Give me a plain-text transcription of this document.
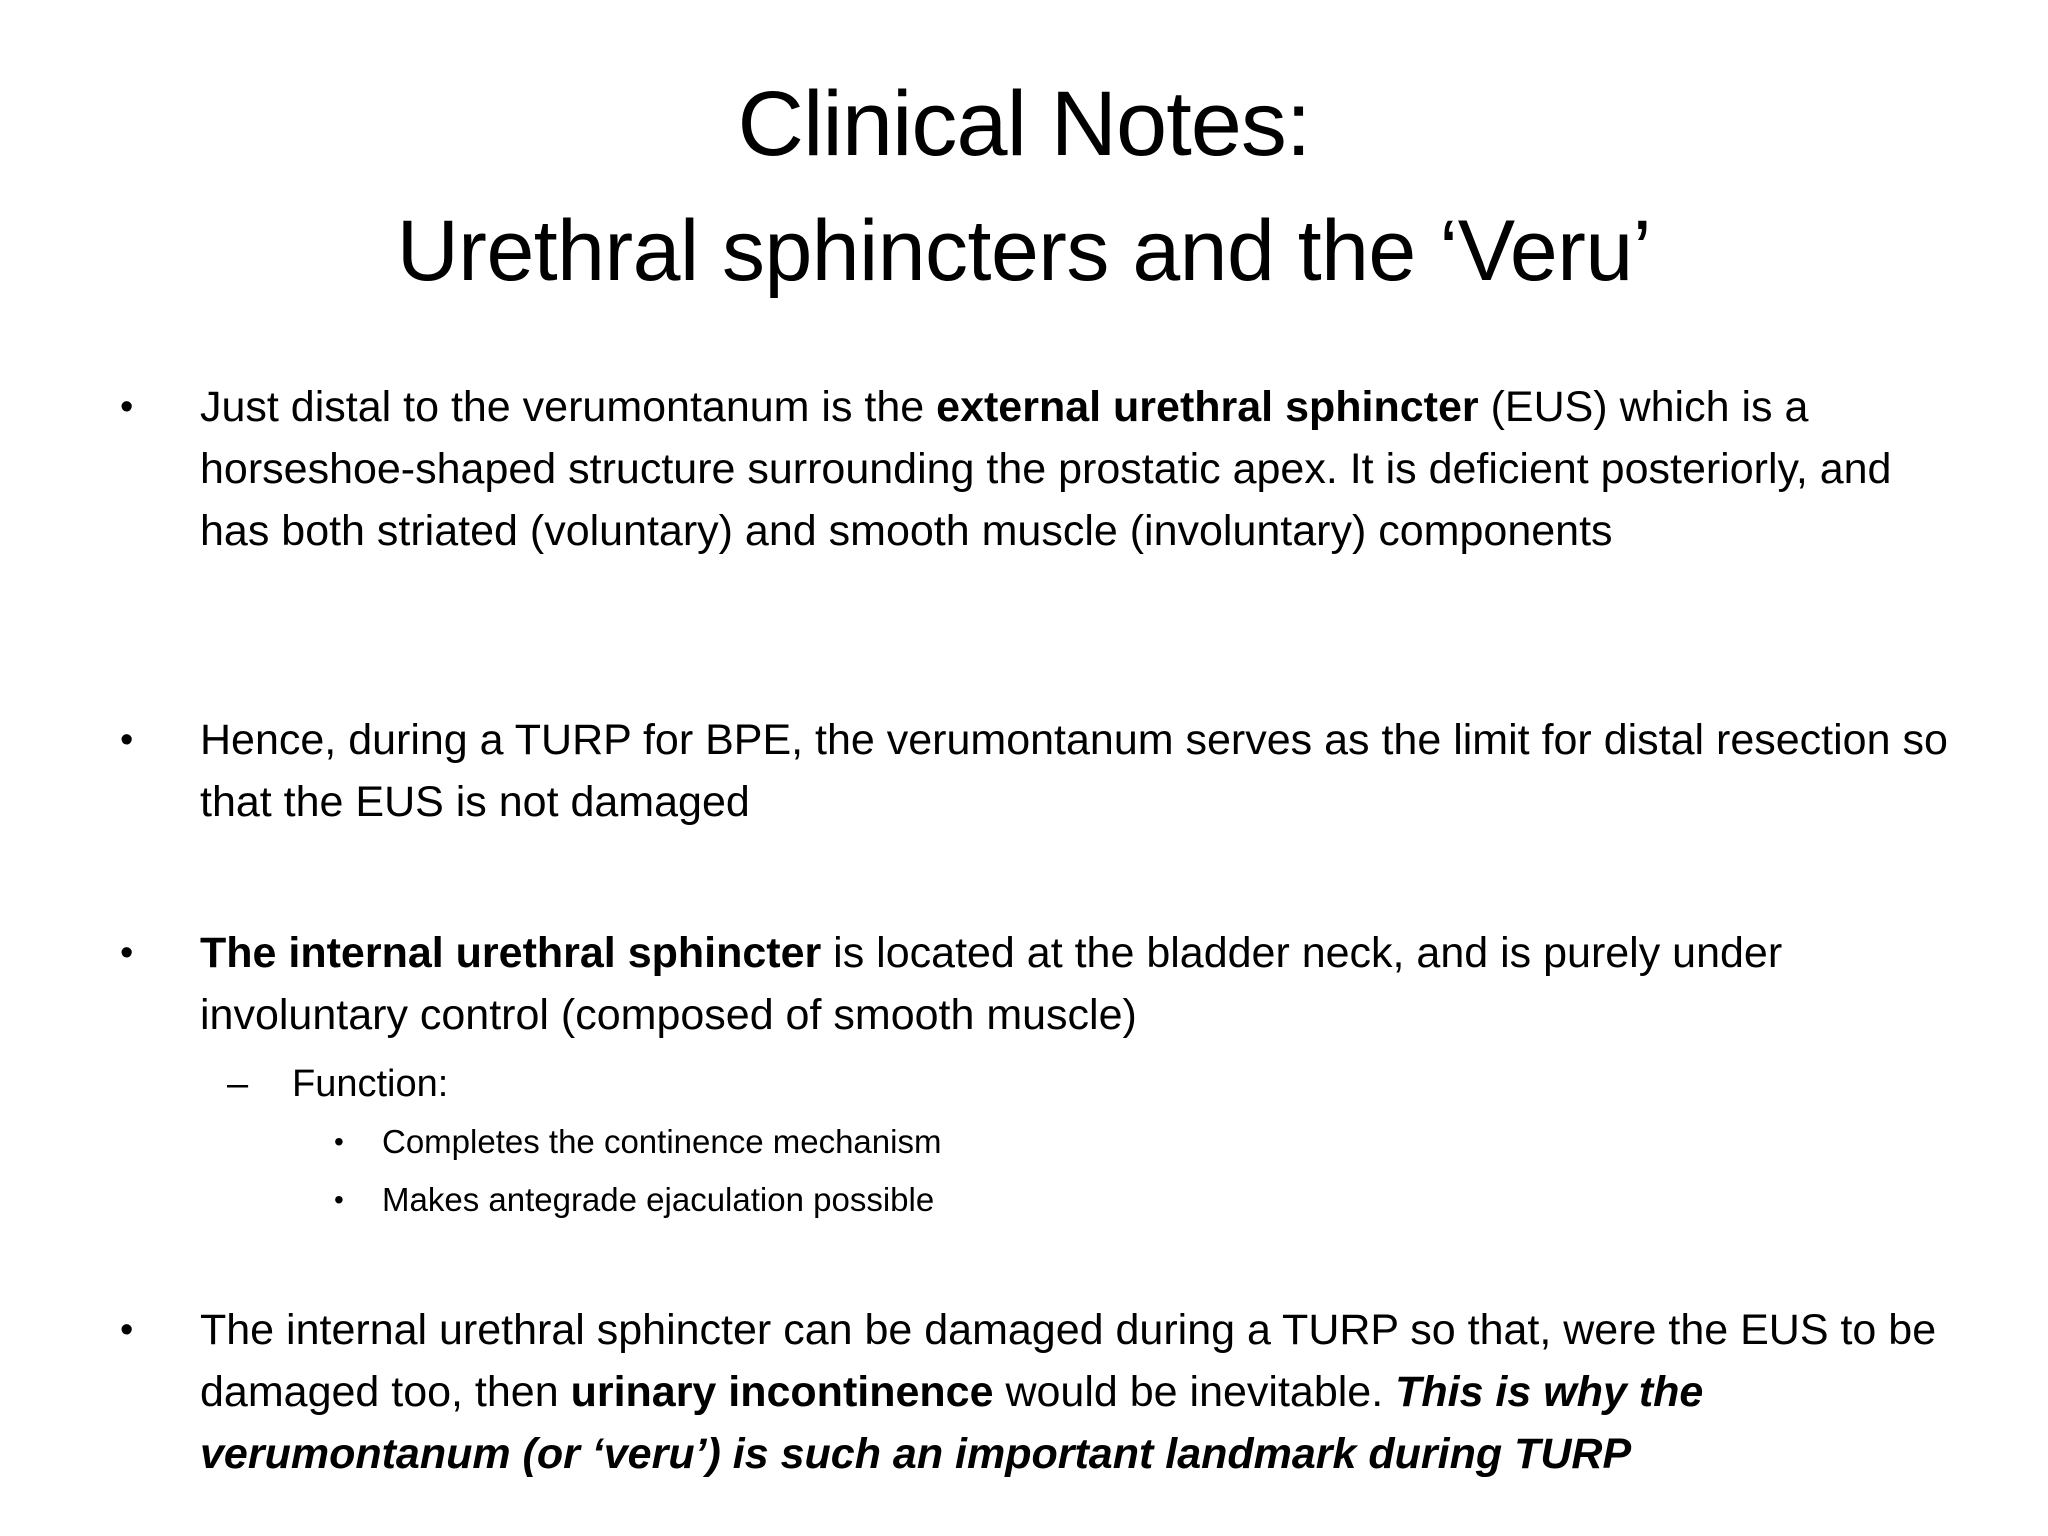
Clinical Notes:
Urethral sphincters and the ‘Veru’
• Just distal to the verumontanum is the external urethral sphincter (EUS) which is a horseshoe-shaped structure surrounding the prostatic apex. It is deficient posteriorly, and has both striated (voluntary) and smooth muscle (involuntary) components
• Hence, during a TURP for BPE, the verumontanum serves as the limit for distal resection so that the EUS is not damaged
• The internal urethral sphincter is located at the bladder neck, and is purely under involuntary control (composed of smooth muscle)
– Function:
• Completes the continence mechanism
• Makes antegrade ejaculation possible
• The internal urethral sphincter can be damaged during a TURP so that, were the EUS to be damaged too, then urinary incontinence would be inevitable. This is why the verumontanum (or ‘veru’) is such an important landmark during TURP
